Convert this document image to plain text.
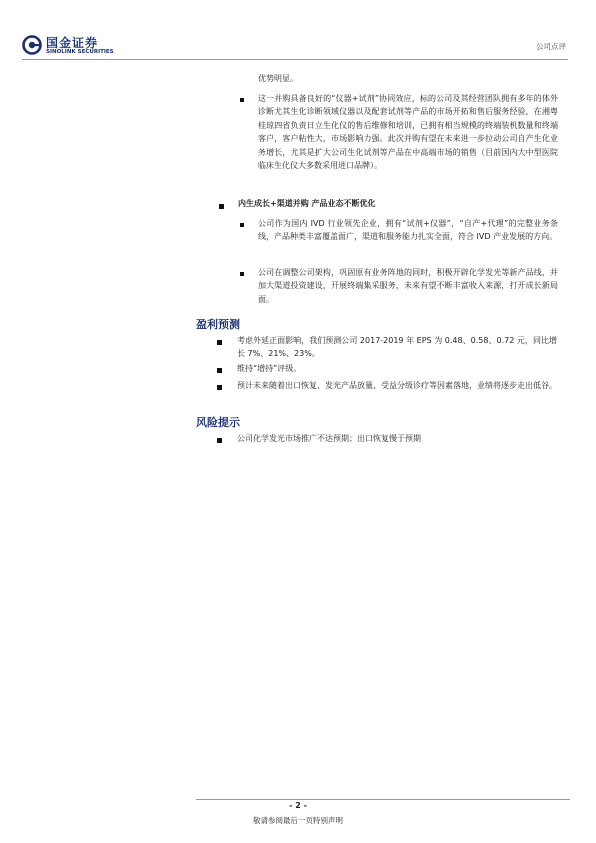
国金证券
SINOLINK SECURITIES
公司点评
优势明显。
这一并购具备良好的“仪器+试剂”协同效应，标的公司及其经营团队拥有多年的体外诊断尤其生化诊断领域仪器以及配套试剂等产品的市场开拓和售后服务经验，在湘粤桂琼四省负责日立生化仪的售后维修和培训，已拥有相当规模的终端装机数量和终端客户，客户粘性大，市场影响力强。此次并购有望在未来进一步拉动公司自产生化业务增长，尤其是扩大公司生化试剂等产品在中高端市场的销售（目前国内大中型医院临床生化仪大多数采用进口品牌）。
内生成长+渠道并购 产品业态不断优化
公司作为国内 IVD 行业领先企业，拥有“试剂+仪器”，“自产+代理”的完整业务条线，产品种类丰富覆盖面广，渠道和服务能力扎实全面，符合 IVD 产业发展的方向。
公司在调整公司架构，巩固原有业务阵地的同时，积极开辟化学发光等新产品线，并加大渠道投资建设，开展终端集采服务，未来有望不断丰富收入来源，打开成长新局面。
盈利预测
考虑外延正面影响，我们预测公司 2017-2019 年 EPS 为 0.48、0.58、0.72 元，同比增长 7%、21%、23%。
维持“增持”评级。
预计未来随着出口恢复、发光产品放量、受益分级诊疗等因素落地，业绩将逐步走出低谷。
风险提示
公司化学发光市场推广不达预期；出口恢复慢于预期
- 2 -
敬请参阅最后一页特别声明
